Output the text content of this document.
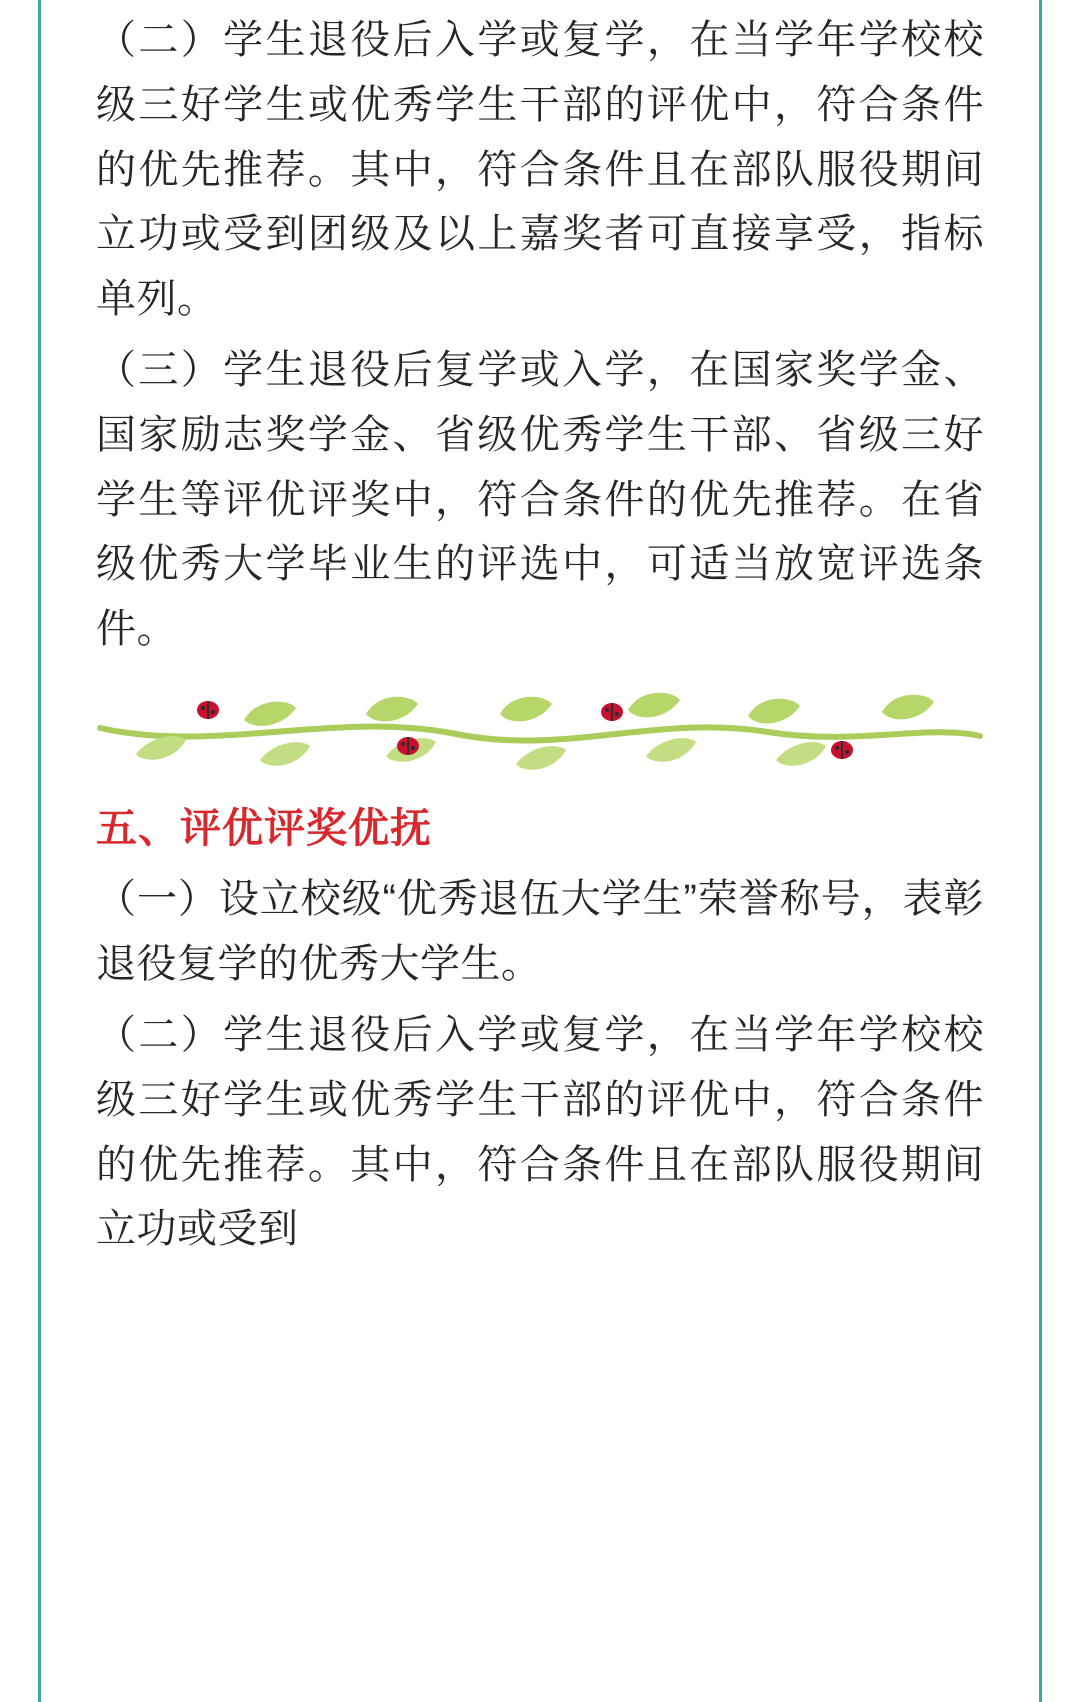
（二）学生退役后入学或复学，在当学年学校校级三好学生或优秀学生干部的评优中，符合条件的优先推荐。其中，符合条件且在部队服役期间立功或受到团级及以上嘉奖者可直接享受，指标单列。

（三）学生退役后复学或入学，在国家奖学金、国家励志奖学金、省级优秀学生干部、省级三好学生等评优评奖中，符合条件的优先推荐。在省级优秀大学毕业生的评选中，可适当放宽评选条件。

五、评优评奖优抚

（一）设立校级“优秀退伍大学生”荣誉称号，表彰退役复学的优秀大学生。

（二）学生退役后入学或复学，在当学年学校校级三好学生或优秀学生干部的评优中，符合条件的优先推荐。其中，符合条件且在部队服役期间立功或受到
